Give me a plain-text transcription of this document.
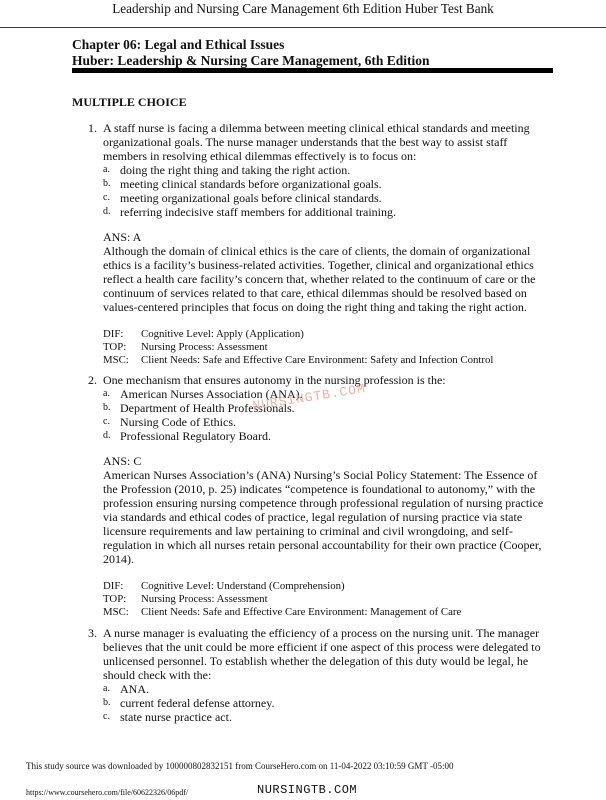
Leadership and Nursing Care Management 6th Edition Huber Test Bank
Chapter 06: Legal and Ethical Issues
Huber: Leadership & Nursing Care Management, 6th Edition
MULTIPLE CHOICE
1. A staff nurse is facing a dilemma between meeting clinical ethical standards and meeting organizational goals. The nurse manager understands that the best way to assist staff members in resolving ethical dilemmas effectively is to focus on:
a. doing the right thing and taking the right action.
b. meeting clinical standards before organizational goals.
c. meeting organizational goals before clinical standards.
d. referring indecisive staff members for additional training.
ANS: A
Although the domain of clinical ethics is the care of clients, the domain of organizational ethics is a facility’s business-related activities. Together, clinical and organizational ethics reflect a health care facility’s concern that, whether related to the continuum of care or the continuum of services related to that care, ethical dilemmas should be resolved based on values-centered principles that focus on doing the right thing and taking the right action.
DIF: Cognitive Level: Apply (Application)
TOP: Nursing Process: Assessment
MSC: Client Needs: Safe and Effective Care Environment: Safety and Infection Control
2. One mechanism that ensures autonomy in the nursing profession is the:
a. American Nurses Association (ANA).
b. Department of Health Professionals.
c. Nursing Code of Ethics.
d. Professional Regulatory Board.
ANS: C
American Nurses Association’s (ANA) Nursing’s Social Policy Statement: The Essence of the Profession (2010, p. 25) indicates “competence is foundational to autonomy,” with the profession ensuring nursing competence through professional regulation of nursing practice via standards and ethical codes of practice, legal regulation of nursing practice via state licensure requirements and law pertaining to criminal and civil wrongdoing, and self-regulation in which all nurses retain personal accountability for their own practice (Cooper, 2014).
DIF: Cognitive Level: Understand (Comprehension)
TOP: Nursing Process: Assessment
MSC: Client Needs: Safe and Effective Care Environment: Management of Care
3. A nurse manager is evaluating the efficiency of a process on the nursing unit. The manager believes that the unit could be more efficient if one aspect of this process were delegated to unlicensed personnel. To establish whether the delegation of this duty would be legal, he should check with the:
a. ANA.
b. current federal defense attorney.
c. state nurse practice act.
NURSINGTB.COM
This study source was downloaded by 100000802832151 from CourseHero.com on 11-04-2022 03:10:59 GMT -05:00
https://www.coursehero.com/file/60622326/06pdf/	NURSINGTB.COM
